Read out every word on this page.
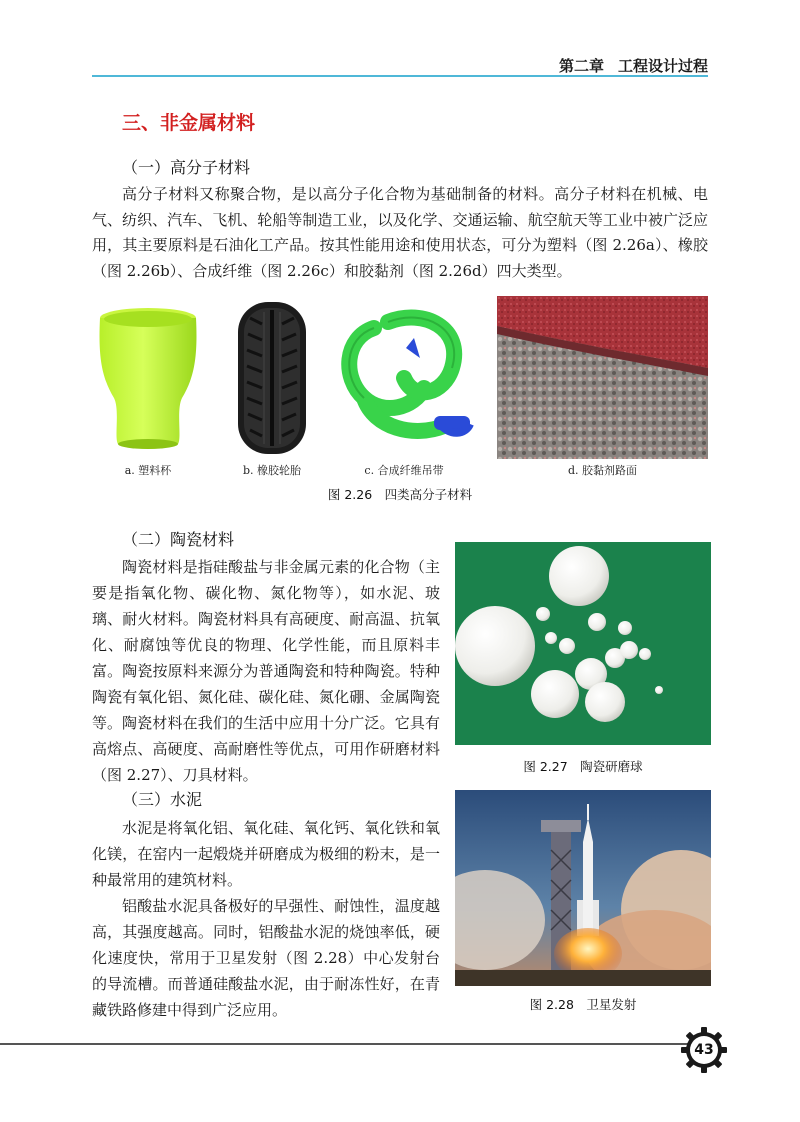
第二章 工程设计过程
三、非金属材料
（一）高分子材料

高分子材料又称聚合物，是以高分子化合物为基础制备的材料。高分子材料在机械、电气、纺织、汽车、飞机、轮船等制造工业，以及化学、交通运输、航空航天等工业中被广泛应用，其主要原料是石油化工产品。按其性能用途和使用状态，可分为塑料（图 2.26a）、橡胶（图 2.26b）、合成纤维（图 2.26c）和胶黏剂（图 2.26d）四大类型。

a. 塑料杯	b. 橡胶轮胎	c. 合成纤维吊带	d. 胶黏剂路面
图 2.26　四类高分子材料
（二）陶瓷材料

陶瓷材料是指硅酸盐与非金属元素的化合物（主要是指氧化物、碳化物、氮化物等），如水泥、玻璃、耐火材料。陶瓷材料具有高硬度、耐高温、抗氧化、耐腐蚀等优良的物理、化学性能，而且原料丰富。陶瓷按原料来源分为普通陶瓷和特种陶瓷。特种陶瓷有氧化铝、氮化硅、碳化硅、氮化硼、金属陶瓷等。 陶瓷材料在我们的生活中应用十分广泛。它具有高熔点、高硬度、高耐磨性等优点，可用作研磨材料（图 2.27）、刀具材料。	图 2.27　陶瓷研磨球
（三）水泥

水泥是将氧化铝、氧化硅、氧化钙、氧化铁和氧化镁，在窑内一起煅烧并研磨成为极细的粉末，是一种最常用的建筑材料。

铝酸盐水泥具备极好的早强性、耐蚀性，温度越高，其强度越高。同时，铝酸盐水泥的烧蚀率低，硬化速度快，常用于卫星发射（图 2.28）中心发射台的导流槽。而普通硅酸盐水泥，由于耐冻性好，在青藏铁路修建中得到广泛应用。	图 2.28　卫星发射
43
